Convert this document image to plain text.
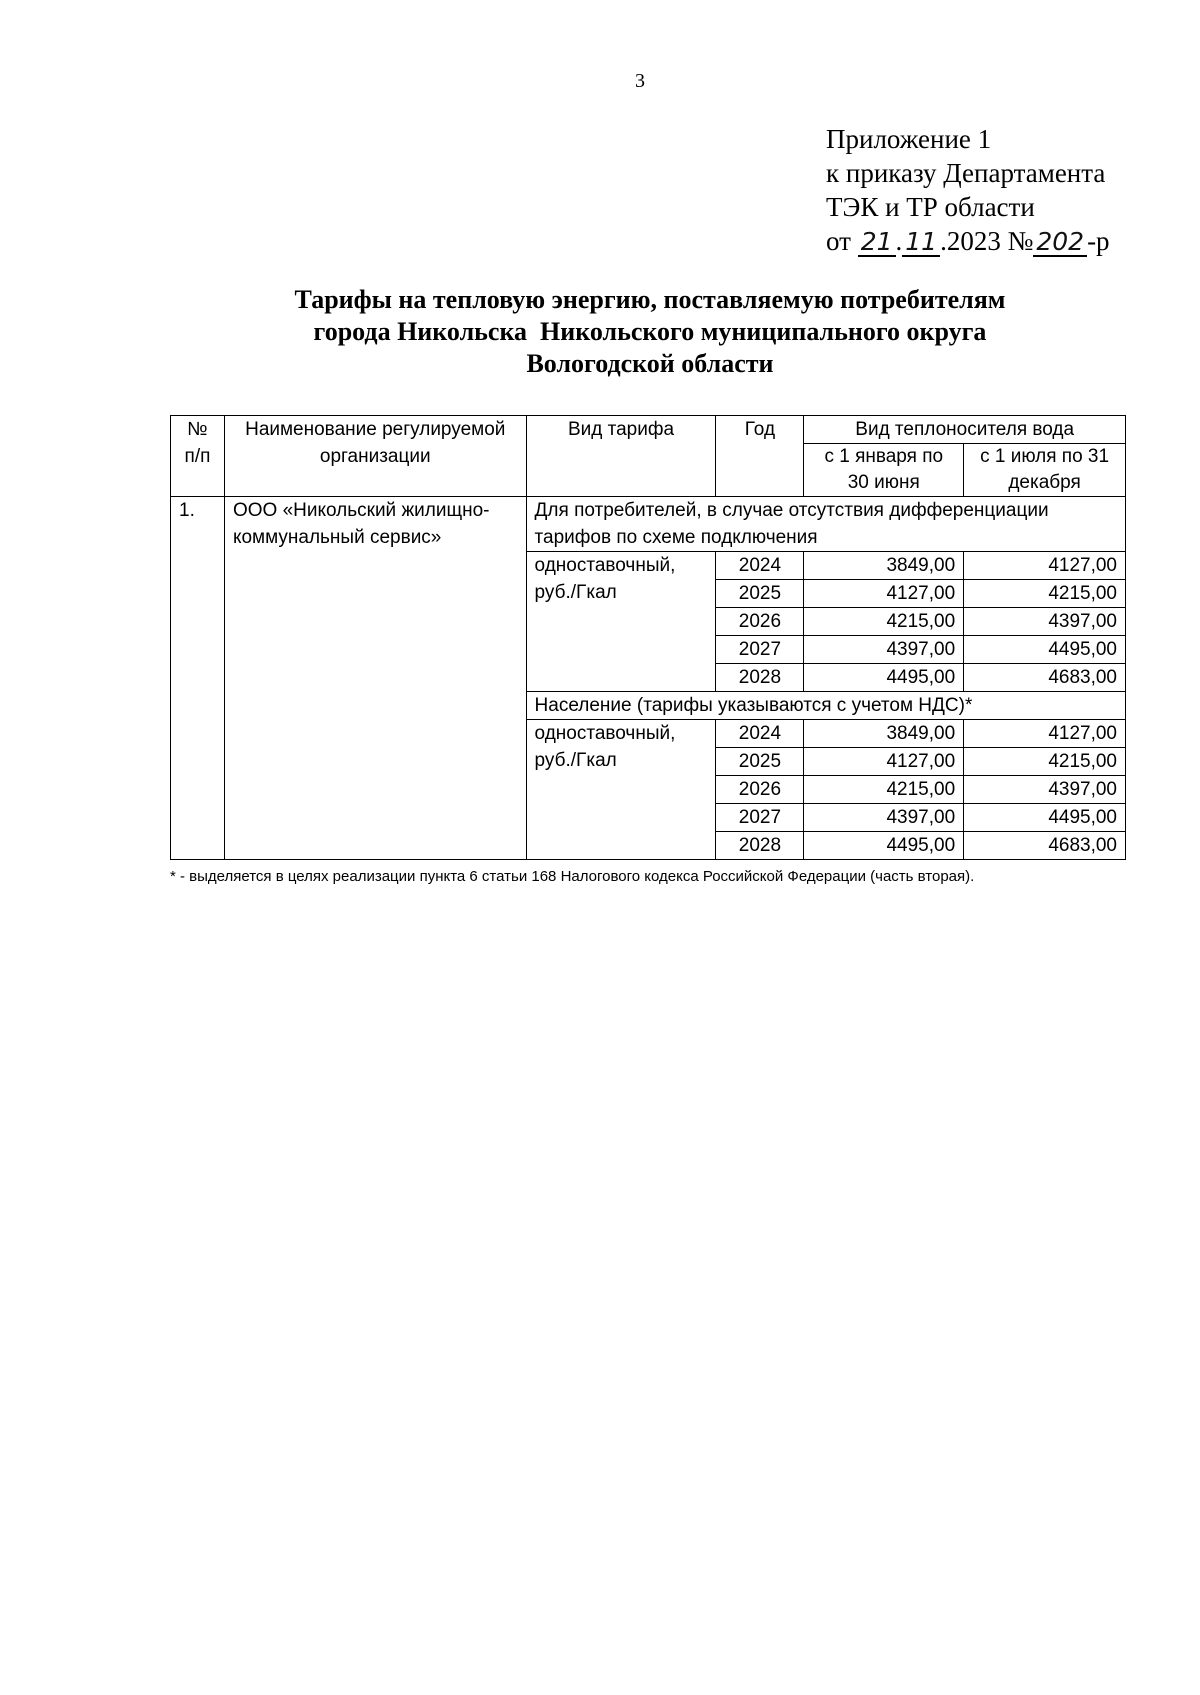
3
Приложение 1
к приказу Департамента
ТЭК и ТР области
от 21 . 11 .2023 № 202 -р
Тарифы на тепловую энергию, поставляемую потребителям
города Никольска  Никольского муниципального округа
Вологодской области
№ п/п	Наименование регулируемой организации	Вид тарифа	Год	Вид теплоносителя вода	
				с 1 января по 30 июня	с 1 июля по 31 декабря
1.	ООО «Никольский жилищно-коммунальный сервис»	Для потребителей, в случае отсутствия дифференциации тарифов по схеме подключения			
		одноставочный, руб./Гкал	2024	3849,00	4127,00
			2025	4127,00	4215,00
			2026	4215,00	4397,00
			2027	4397,00	4495,00
			2028	4495,00	4683,00
		Население (тарифы указываются с учетом НДС)*			
		одноставочный, руб./Гкал	2024	3849,00	4127,00
			2025	4127,00	4215,00
			2026	4215,00	4397,00
			2027	4397,00	4495,00
			2028	4495,00	4683,00
* - выделяется в целях реализации пункта 6 статьи 168 Налогового кодекса Российской Федерации (часть вторая).
